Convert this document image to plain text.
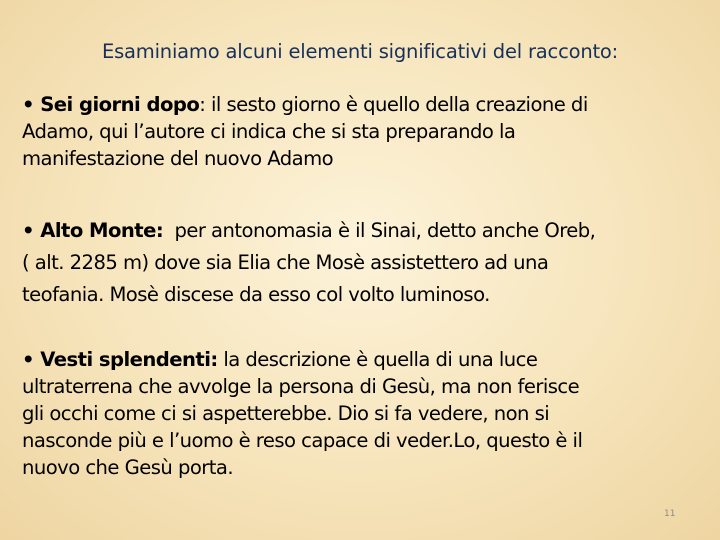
Esaminiamo alcuni elementi significativi del racconto:
• Sei giorni dopo: il sesto giorno è quello della creazione di
Adamo, qui l’autore ci indica che si sta preparando la
manifestazione del nuovo Adamo
• Alto Monte:  per antonomasia è il Sinai, detto anche Oreb,
( alt. 2285 m) dove sia Elia che Mosè assistettero ad una
teofania. Mosè discese da esso col volto luminoso.
• Vesti splendenti: la descrizione è quella di una luce
ultraterrena che avvolge la persona di Gesù, ma non ferisce
gli occhi come ci si aspetterebbe. Dio si fa vedere, non si
nasconde più e l’uomo è reso capace di veder.Lo, questo è il
nuovo che Gesù porta.
11
